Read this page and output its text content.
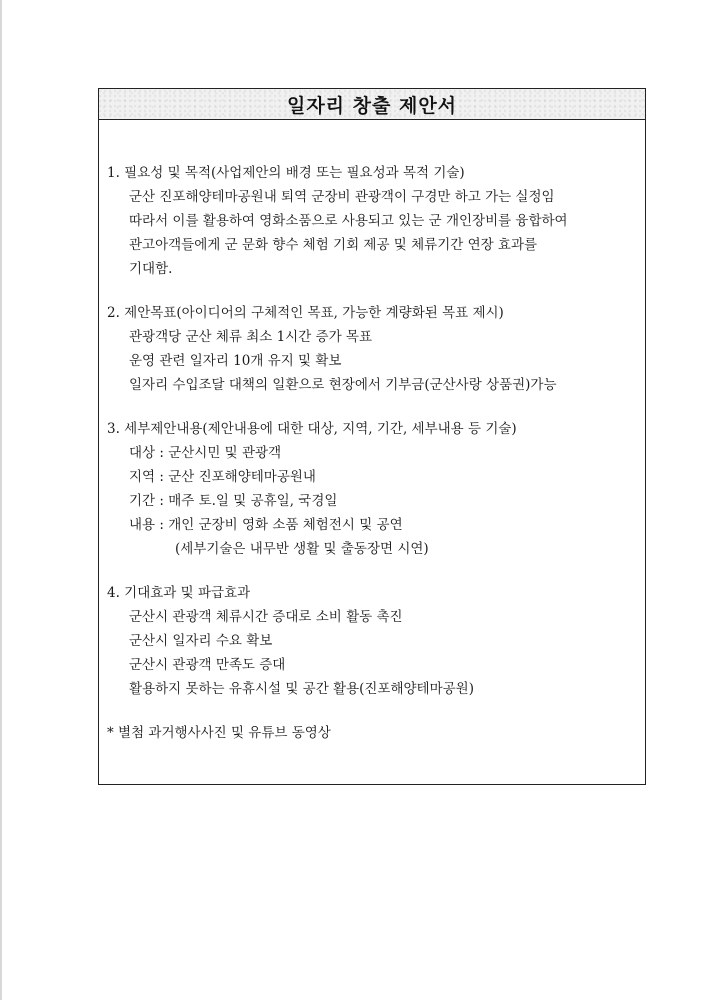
일자리 창출 제안서
1. 필요성 및 목적(사업제안의 배경 또는 필요성과 목적 기술)
군산 진포해양테마공원내 퇴역 군장비 관광객이 구경만 하고 가는 실정임
따라서 이를 활용하여 영화소품으로 사용되고 있는 군 개인장비를 융합하여
관고아객들에게 군 문화 향수 체험 기회 제공 및 체류기간 연장 효과를
기대함.
2. 제안목표(아이디어의 구체적인 목표, 가능한 계량화된 목표 제시)
관광객당 군산 체류 최소 1시간 증가 목표
운영 관련 일자리 10개 유지 및 확보
일자리 수입조달 대책의 일환으로 현장에서 기부금(군산사랑 상품권)가능
3. 세부제안내용(제안내용에 대한 대상, 지역, 기간, 세부내용 등 기술)
대상 : 군산시민 및 관광객
지역 : 군산 진포해양테마공원내
기간 : 매주 토.일 및 공휴일, 국경일
내용 : 개인 군장비 영화 소품 체험전시 및 공연
(세부기술은 내무반 생활 및 출동장면 시연)
4. 기대효과 및 파급효과
군산시 관광객 체류시간 증대로 소비 활동 촉진
군산시 일자리 수요 확보
군산시 관광객 만족도 증대
활용하지 못하는 유휴시설 및 공간 활용(진포해양테마공원)
* 별첨 과거행사사진 및 유튜브 동영상
